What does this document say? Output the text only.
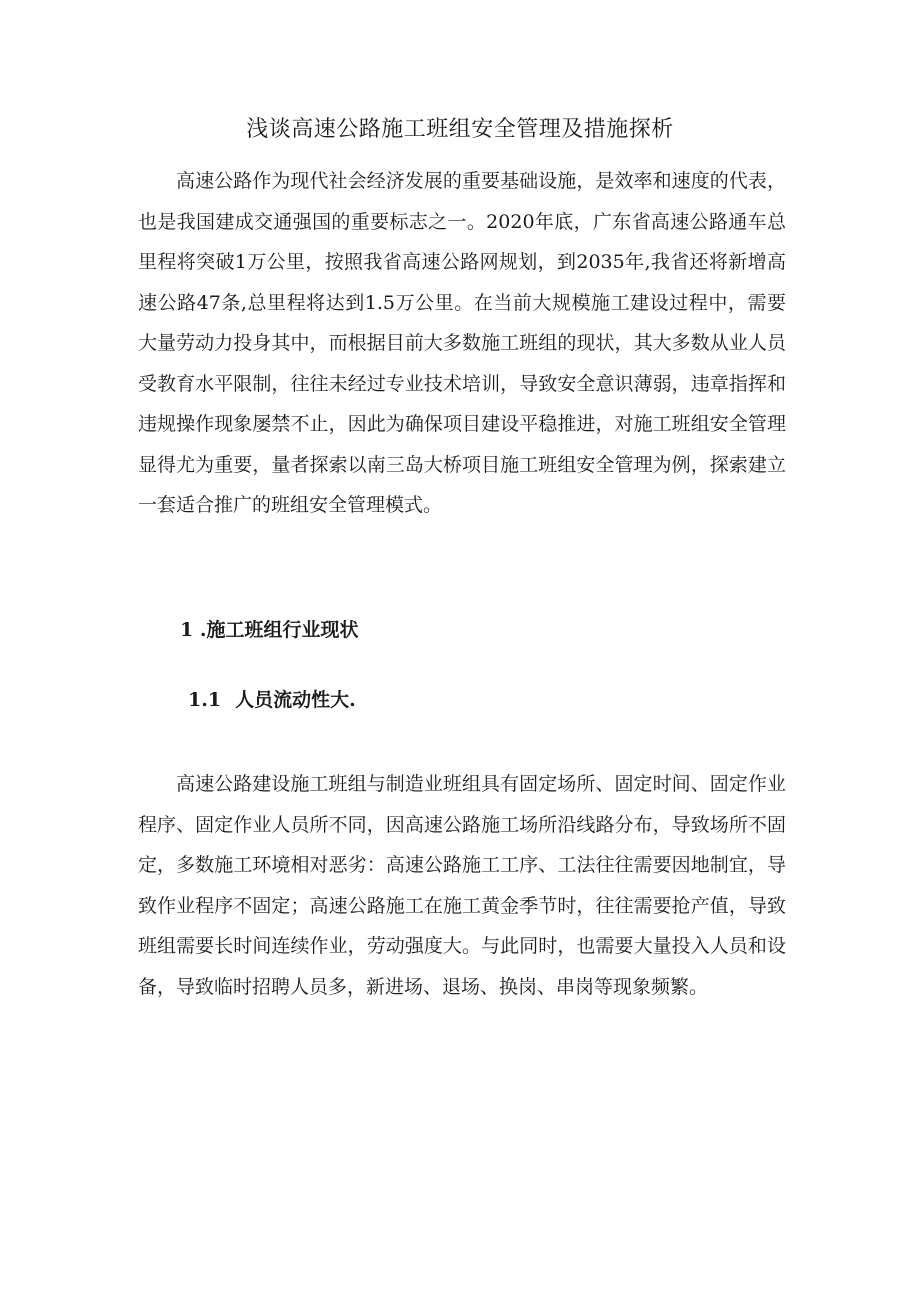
浅谈高速公路施工班组安全管理及措施探析

高速公路作为现代社会经济发展的重要基础设施，是效率和速度的代表，也是我国建成交通强国的重要标志之一。2020年底，广东省高速公路通车总里程将突破1万公里，按照我省高速公路网规划，到2035年,我省还将新增高速公路47条,总里程将达到1.5万公里。在当前大规模施工建设过程中，需要大量劳动力投身其中，而根据目前大多数施工班组的现状，其大多数从业人员受教育水平限制，往往未经过专业技术培训，导致安全意识薄弱，违章指挥和违规操作现象屡禁不止，因此为确保项目建设平稳推进，对施工班组安全管理显得尤为重要，量者探索以南三岛大桥项目施工班组安全管理为例，探索建立一套适合推广的班组安全管理模式。

1 .施工班组行业现状
1.1 人员流动性大.

高速公路建设施工班组与制造业班组具有固定场所、固定时间、固定作业程序、固定作业人员所不同，因高速公路施工场所沿线路分布，导致场所不固定，多数施工环境相对恶劣：高速公路施工工序、工法往往需要因地制宜，导致作业程序不固定；高速公路施工在施工黄金季节时，往往需要抢产值，导致班组需要长时间连续作业，劳动强度大。与此同时，也需要大量投入人员和设备，导致临时招聘人员多，新进场、退场、换岗、串岗等现象频繁。
